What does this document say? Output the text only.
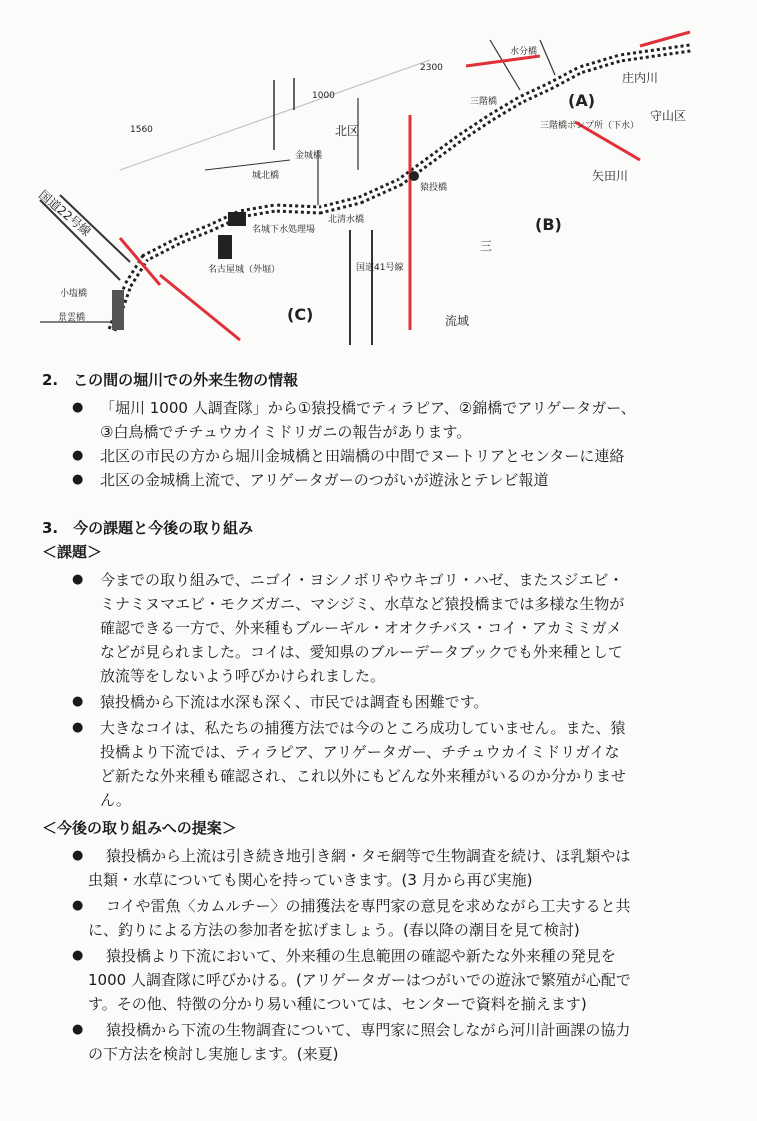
(A)
(B)
(C)
北区
庄内川
守山区
矢田川
三階橋ポンプ所（下水）
水分橋
三階橋
2300
1000
1560
国道22号線	北清水橋
金城橋
城北橋
名城下水処理場
名古屋城（外堀）
猿投橋
国道41号線
小塩橋
景雲橋	流域
三
2.　この間の堀川での外来生物の情報
● 「堀川 1000 人調査隊」から①猿投橋でティラピア、②錦橋でアリゲータガー、
③白鳥橋でチチュウカイミドリガニの報告があります。
● 北区の市民の方から堀川金城橋と田端橋の中間でヌートリアとセンターに連絡
● 北区の金城橋上流で、アリゲータガーのつがいが遊泳とテレビ報道
3.　今の課題と今後の取り組み
＜課題＞
● 今までの取り組みで、ニゴイ・ヨシノボリやウキゴリ・ハゼ、またスジエビ・
ミナミヌマエビ・モクズガニ、マシジミ、水草など猿投橋までは多様な生物が
確認できる一方で、外来種もブルーギル・オオクチバス・コイ・アカミミガメ
などが見られました。コイは、愛知県のブルーデータブックでも外来種として
放流等をしないよう呼びかけられました。
● 猿投橋から下流は水深も深く、市民では調査も困難です。
● 大きなコイは、私たちの捕獲方法では今のところ成功していません。また、猿
投橋より下流では、ティラピア、アリゲータガー、チチュウカイミドリガイな
ど新たな外来種も確認され、これ以外にもどんな外来種がいるのか分かりませ
ん。
＜今後の取り組みへの提案＞
● 猿投橋から上流は引き続き地引き網・タモ網等で生物調査を続け、ほ乳類やは
虫類・水草についても関心を持っていきます。(3 月から再び実施)
● コイや雷魚〈カムルチー〉の捕獲法を専門家の意見を求めながら工夫すると共
に、釣りによる方法の参加者を拡げましょう。(春以降の潮目を見て検討)
● 猿投橋より下流において、外来種の生息範囲の確認や新たな外来種の発見を
1000 人調査隊に呼びかける。(アリゲータガーはつがいでの遊泳で繁殖が心配で
す。その他、特徴の分かり易い種については、センターで資料を揃えます)
● 猿投橋から下流の生物調査について、専門家に照会しながら河川計画課の協力
の下方法を検討し実施します。(来夏)
